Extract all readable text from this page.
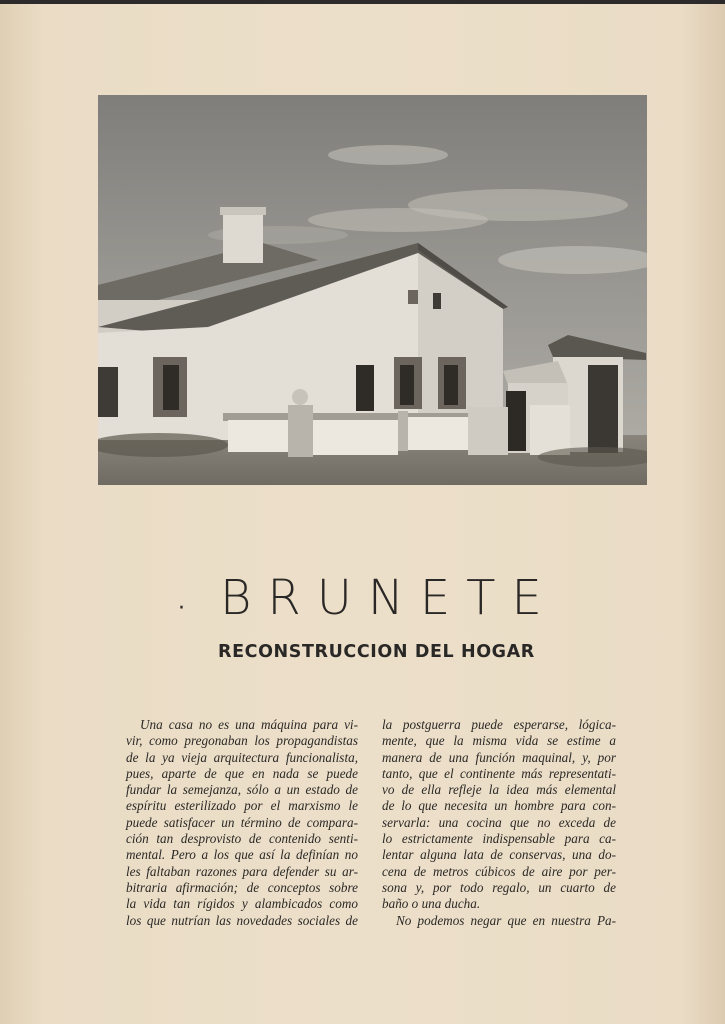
· BRUNETE
RECONSTRUCCION DEL HOGAR
Una casa no es una máquina para vi-
vir, como pregonaban los propagandistas
de la ya vieja arquitectura funcionalista,
pues, aparte de que en nada se puede
fundar la semejanza, sólo a un estado de
espíritu esterilizado por el marxismo le
puede satisfacer un término de compara-
ción tan desprovisto de contenido senti-
mental. Pero a los que así la definían no
les faltaban razones para defender su ar-
bitraria afirmación; de conceptos sobre
la vida tan rígidos y alambicados como
los que nutrían las novedades sociales de
la postguerra puede esperarse, lógica-
mente, que la misma vida se estime a
manera de una función maquinal, y, por
tanto, que el continente más representati-
vo de ella refleje la idea más elemental
de lo que necesita un hombre para con-
servarla: una cocina que no exceda de
lo estrictamente indispensable para ca-
lentar alguna lata de conservas, una do-
cena de metros cúbicos de aire por per-
sona y, por todo regalo, un cuarto de
baño o una ducha.
No podemos negar que en nuestra Pa-
